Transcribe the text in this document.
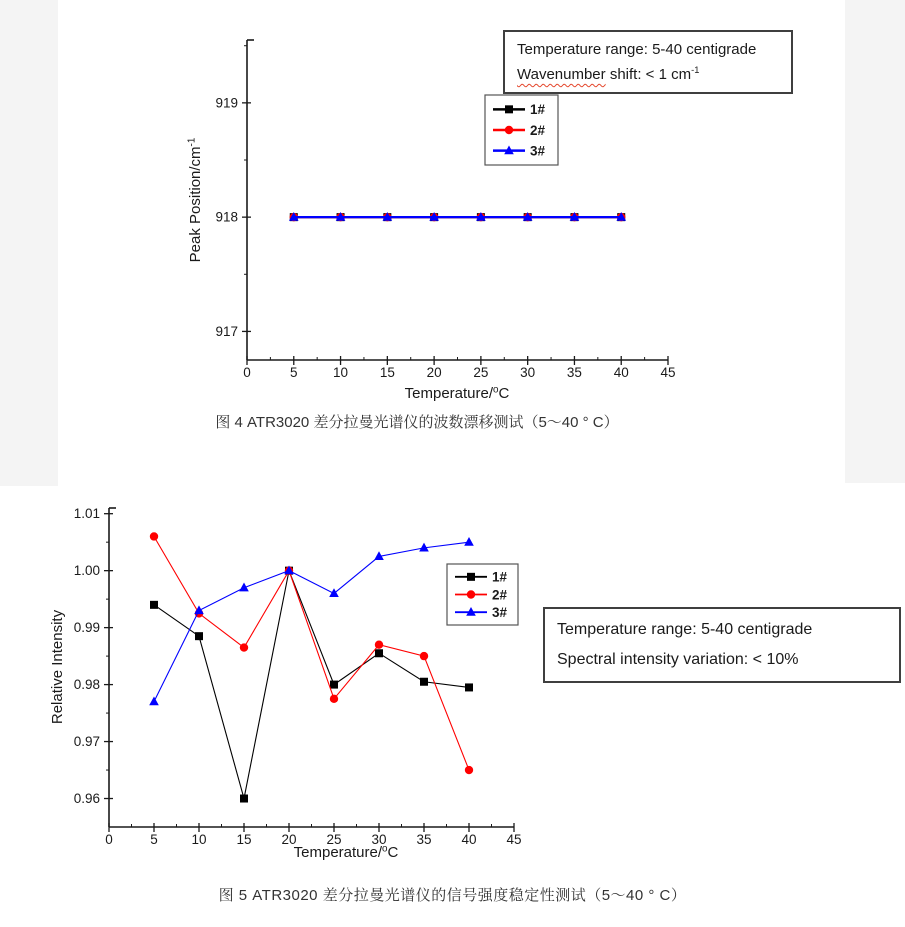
0	5	10 15 20 25 30 35 40 45
917
918
919	1#
2#
3#
Temperature/$^o$C
Peak Position/$cm^{-1}$
0	5 10 15 20 25 30 35 40 45
0.96
0.97
0.98
0.99
1.00
1.01
1#
2#
3#
Temperature/$^o$C
Relative Intensity
Temperature range: 5-40 centigrade
Wavenumber shift: < 1 $cm^{-1}$
Temperature range: 5-40 centigrade
Spectral intensity variation: < 10%
图 4 ATR3020 差分拉曼光谱仪的波数漂移测试（5～40 ° C）
图 5 ATR3020 差分拉曼光谱仪的信号强度稳定性测试（5～40 ° C）
